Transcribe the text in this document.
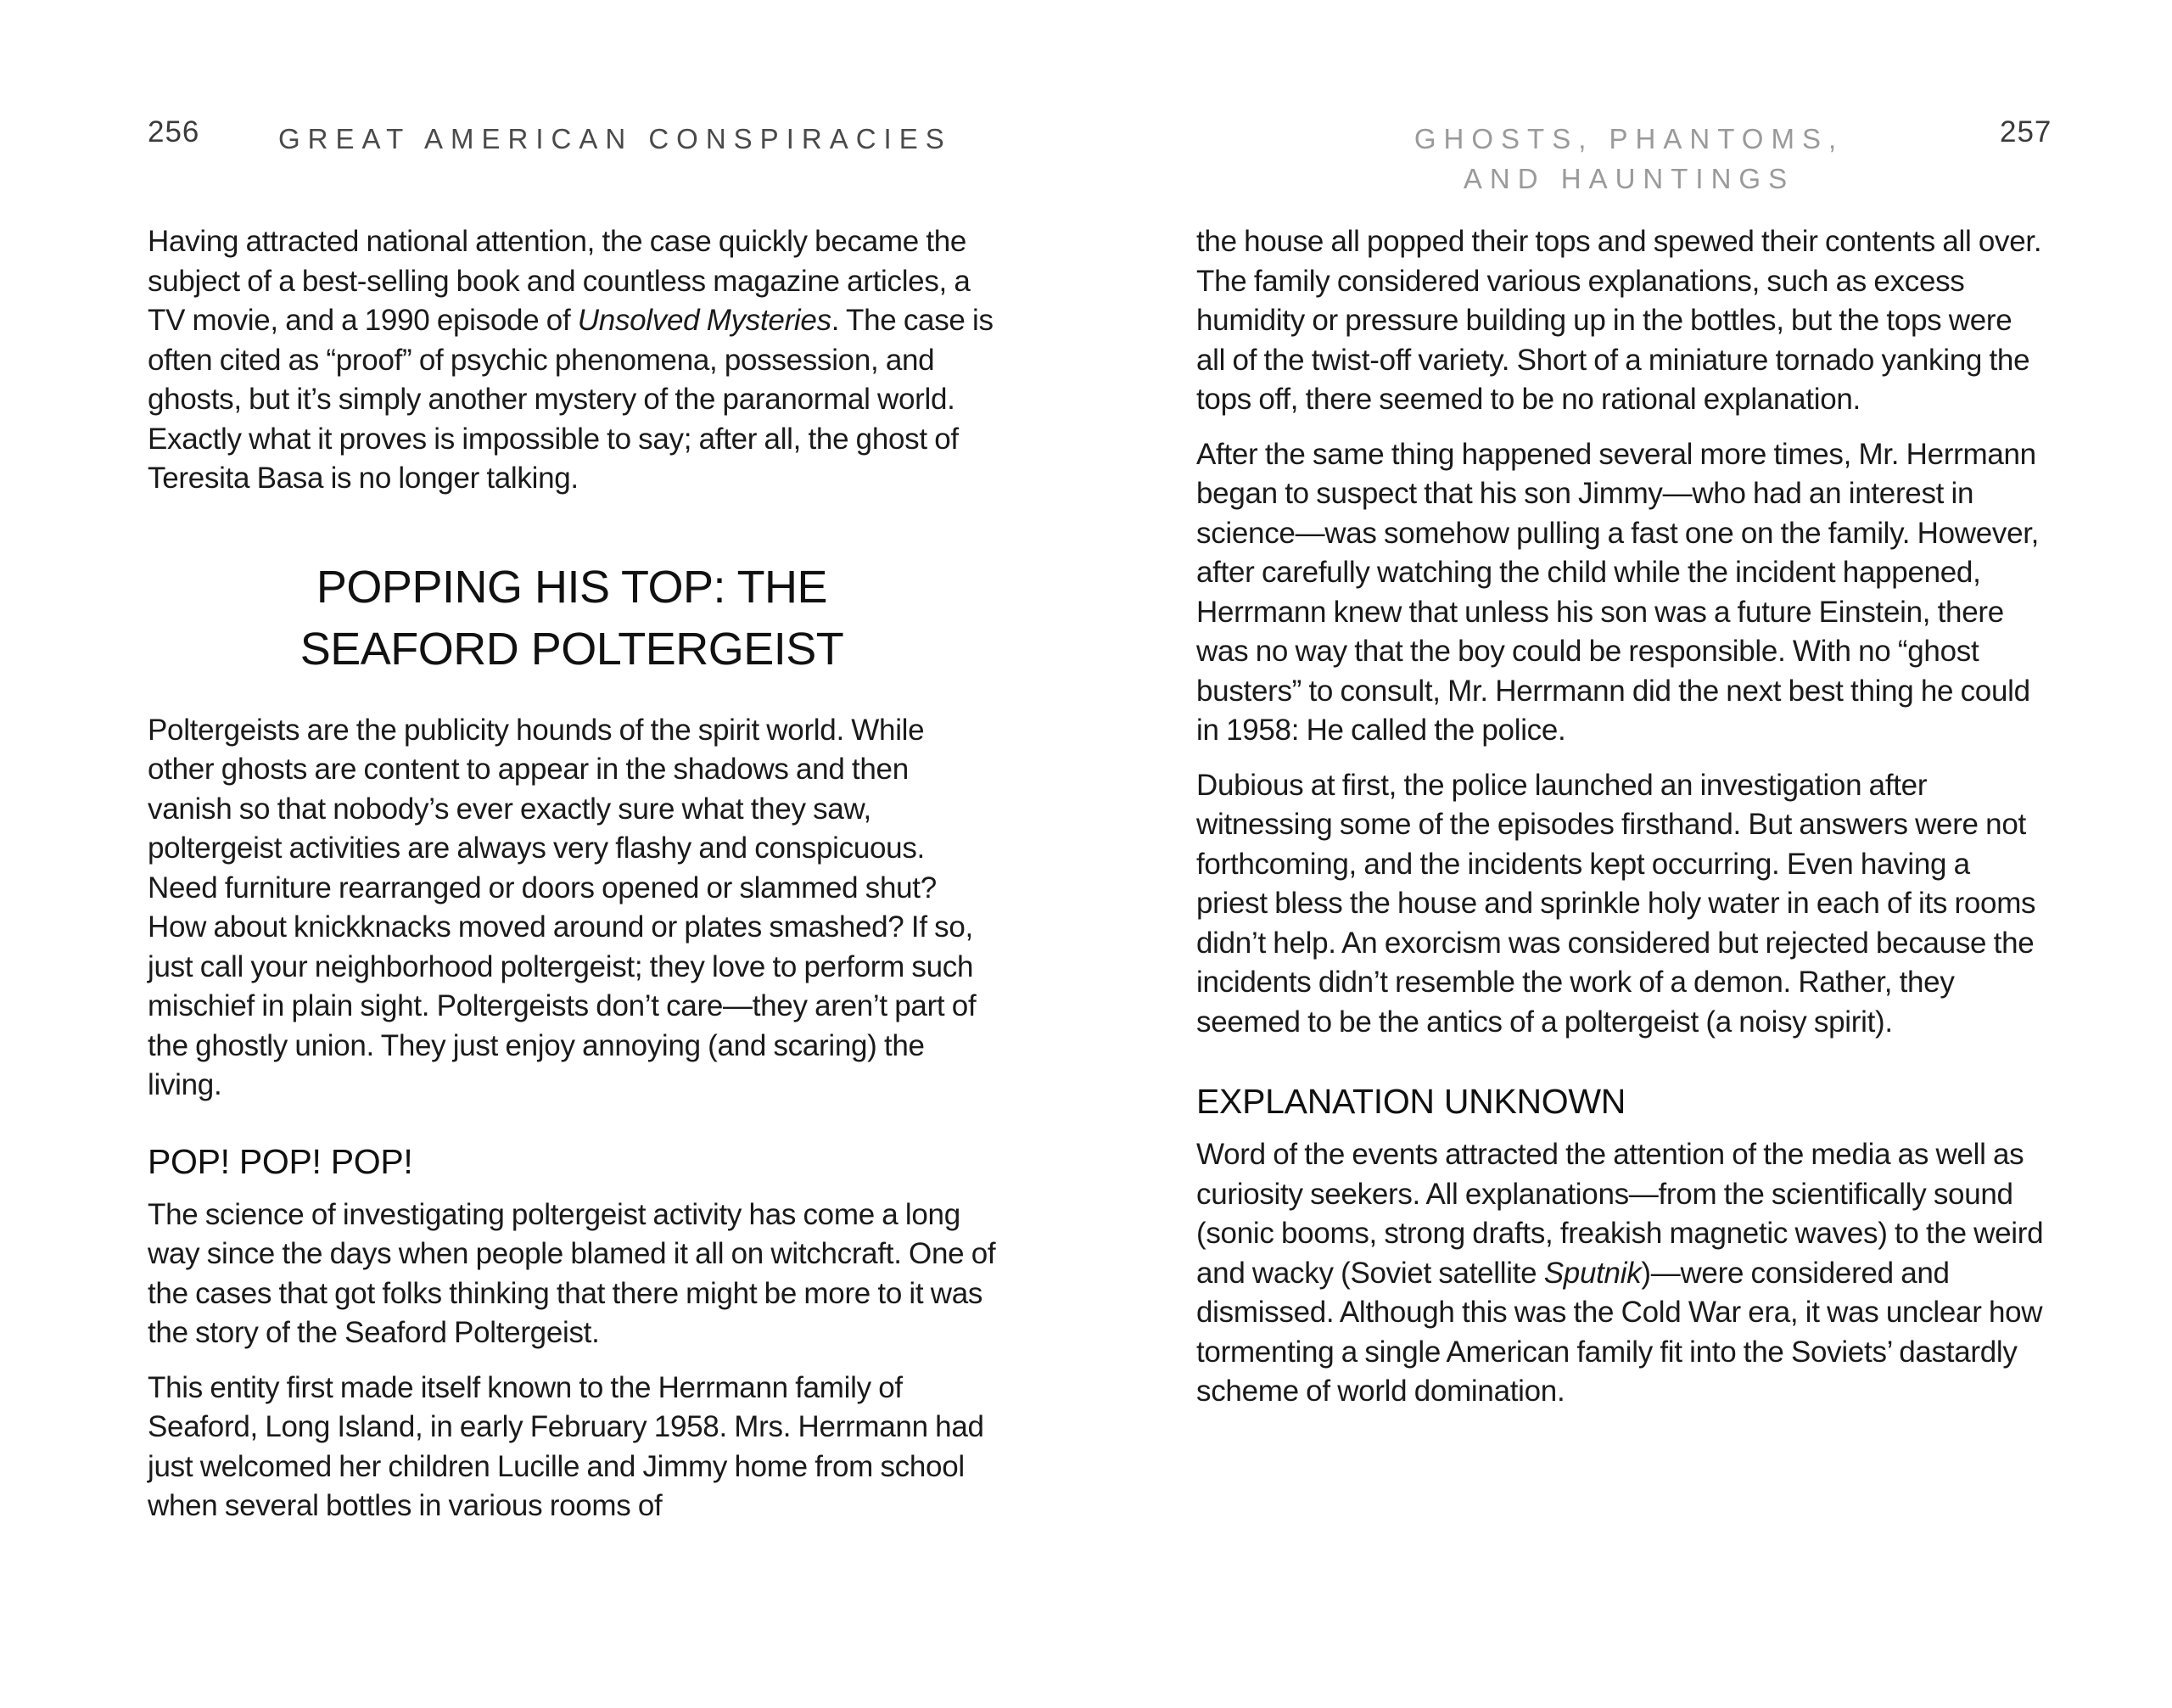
256	GREAT AMERICAN CONSPIRACIES	GHOSTS, PHANTOMS,
AND HAUNTINGS
257

Having attracted national attention, the case quickly became the subject of a best-selling book and countless magazine articles, a TV movie, and a 1990 episode of Unsolved Mysteries. The case is often cited as “proof” of psychic phenomena, possession, and ghosts, but it’s simply another mystery of the paranormal world. Exactly what it proves is impossible to say; after all, the ghost of Teresita Basa is no longer talking.

POPPING HIS TOP: THE
SEAFORD POLTERGEIST

Poltergeists are the publicity hounds of the spirit world. While other ghosts are content to appear in the shadows and then vanish so that nobody’s ever exactly sure what they saw, poltergeist activities are always very flashy and conspicuous. Need furniture rearranged or doors opened or slammed shut? How about knickknacks moved around or plates smashed? If so, just call your neighborhood poltergeist; they love to perform such mischief in plain sight. Poltergeists don’t care—they aren’t part of the ghostly union. They just enjoy annoying (and scaring) the living.

POP! POP! POP!

The science of investigating poltergeist activity has come a long way since the days when people blamed it all on witchcraft. One of the cases that got folks thinking that there might be more to it was the story of the Seaford Poltergeist.

This entity first made itself known to the Herrmann family of Seaford, Long Island, in early February 1958. Mrs. Herrmann had just welcomed her children Lucille and Jimmy home from school when several bottles in various rooms of

the house all popped their tops and spewed their contents all over. The family considered various explanations, such as excess humidity or pressure building up in the bottles, but the tops were all of the twist-off variety. Short of a miniature tornado yanking the tops off, there seemed to be no rational explanation.

After the same thing happened several more times, Mr. Herrmann began to suspect that his son Jimmy—who had an interest in science—was somehow pulling a fast one on the family. However, after carefully watching the child while the incident happened, Herrmann knew that unless his son was a future Einstein, there was no way that the boy could be responsible. With no “ghost busters” to consult, Mr. Herrmann did the next best thing he could in 1958: He called the police.

Dubious at first, the police launched an investigation after witnessing some of the episodes firsthand. But answers were not forthcoming, and the incidents kept occurring. Even having a priest bless the house and sprinkle holy water in each of its rooms didn’t help. An exorcism was considered but rejected because the incidents didn’t resemble the work of a demon. Rather, they seemed to be the antics of a poltergeist (a noisy spirit).

EXPLANATION UNKNOWN

Word of the events attracted the attention of the media as well as curiosity seekers. All explanations—from the scientifically sound (sonic booms, strong drafts, freakish magnetic waves) to the weird and wacky (Soviet satellite Sputnik)—were considered and dismissed. Although this was the Cold War era, it was unclear how tormenting a single American family fit into the Soviets’ dastardly scheme of world domination.
